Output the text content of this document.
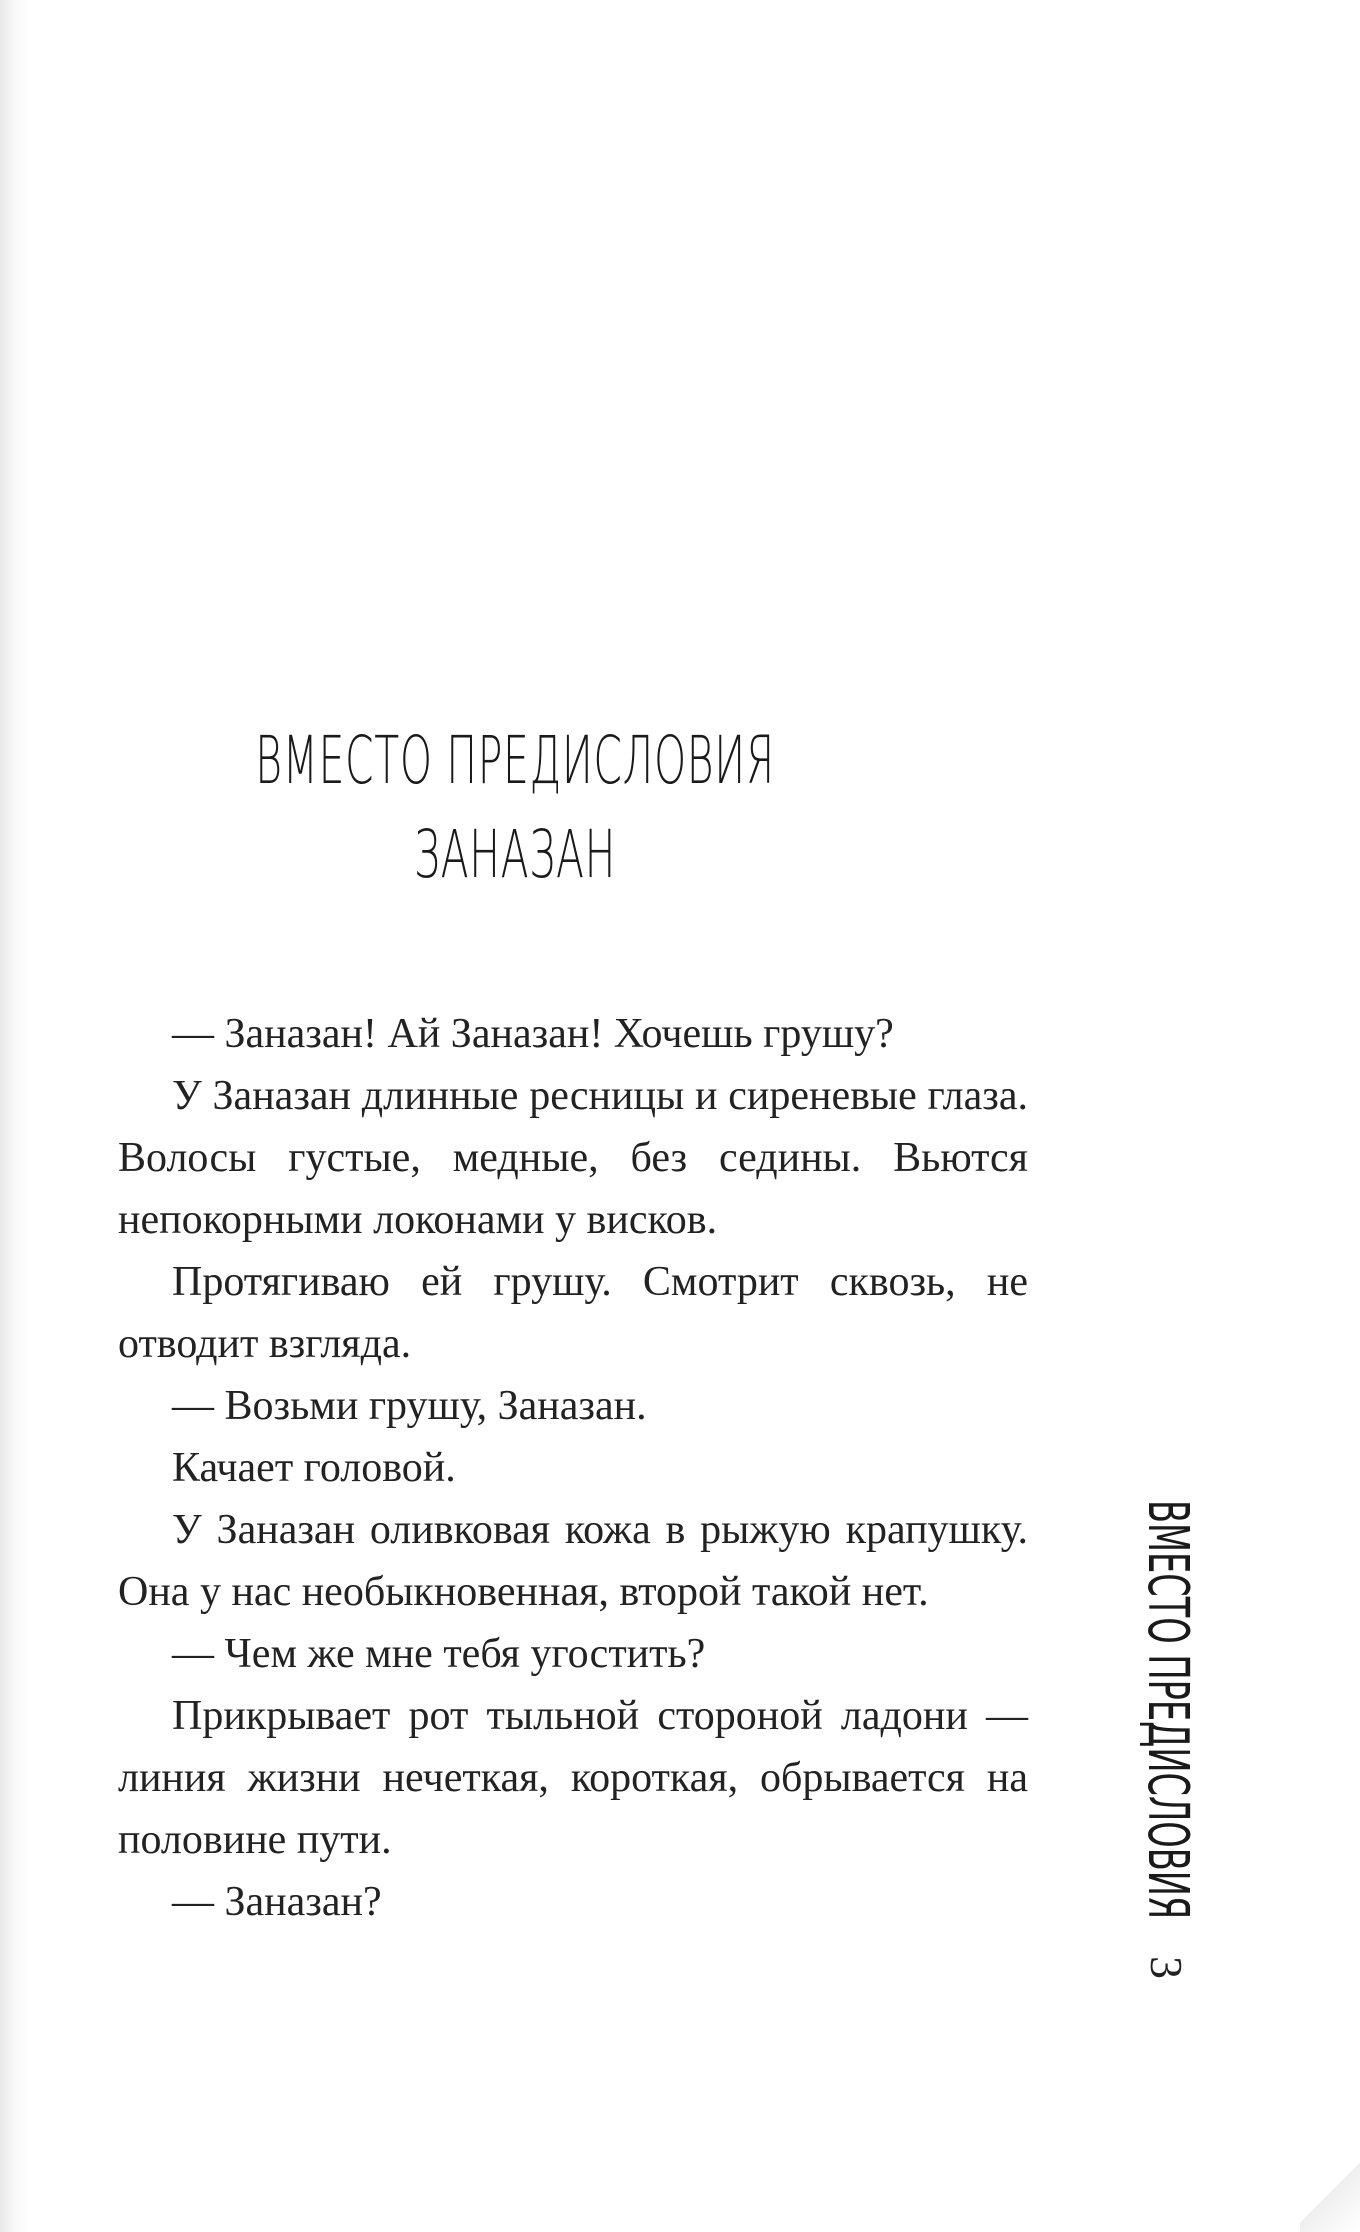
ВМЕСТО ПРЕДИСЛОВИЯ
ЗАНАЗАН

— Заназан! Ай Заназан! Хочешь грушу?

У Заназан длинные ресницы и сиреневые глаза. Волосы густые, медные, без седины. Вьются непокорными локонами у висков.

Протягиваю ей грушу. Смотрит сквозь, не отводит взгляда.

— Возьми грушу, Заназан.

Качает головой.

У Заназан оливковая кожа в рыжую крапушку. Она у нас необыкновенная, второй такой нет.

— Чем же мне тебя угостить?

Прикрывает рот тыльной стороной ладони — линия жизни нечеткая, короткая, обрывается на половине пути.

— Заназан?	ВМЕСТО ПРЕДИСЛОВИЯ
3
